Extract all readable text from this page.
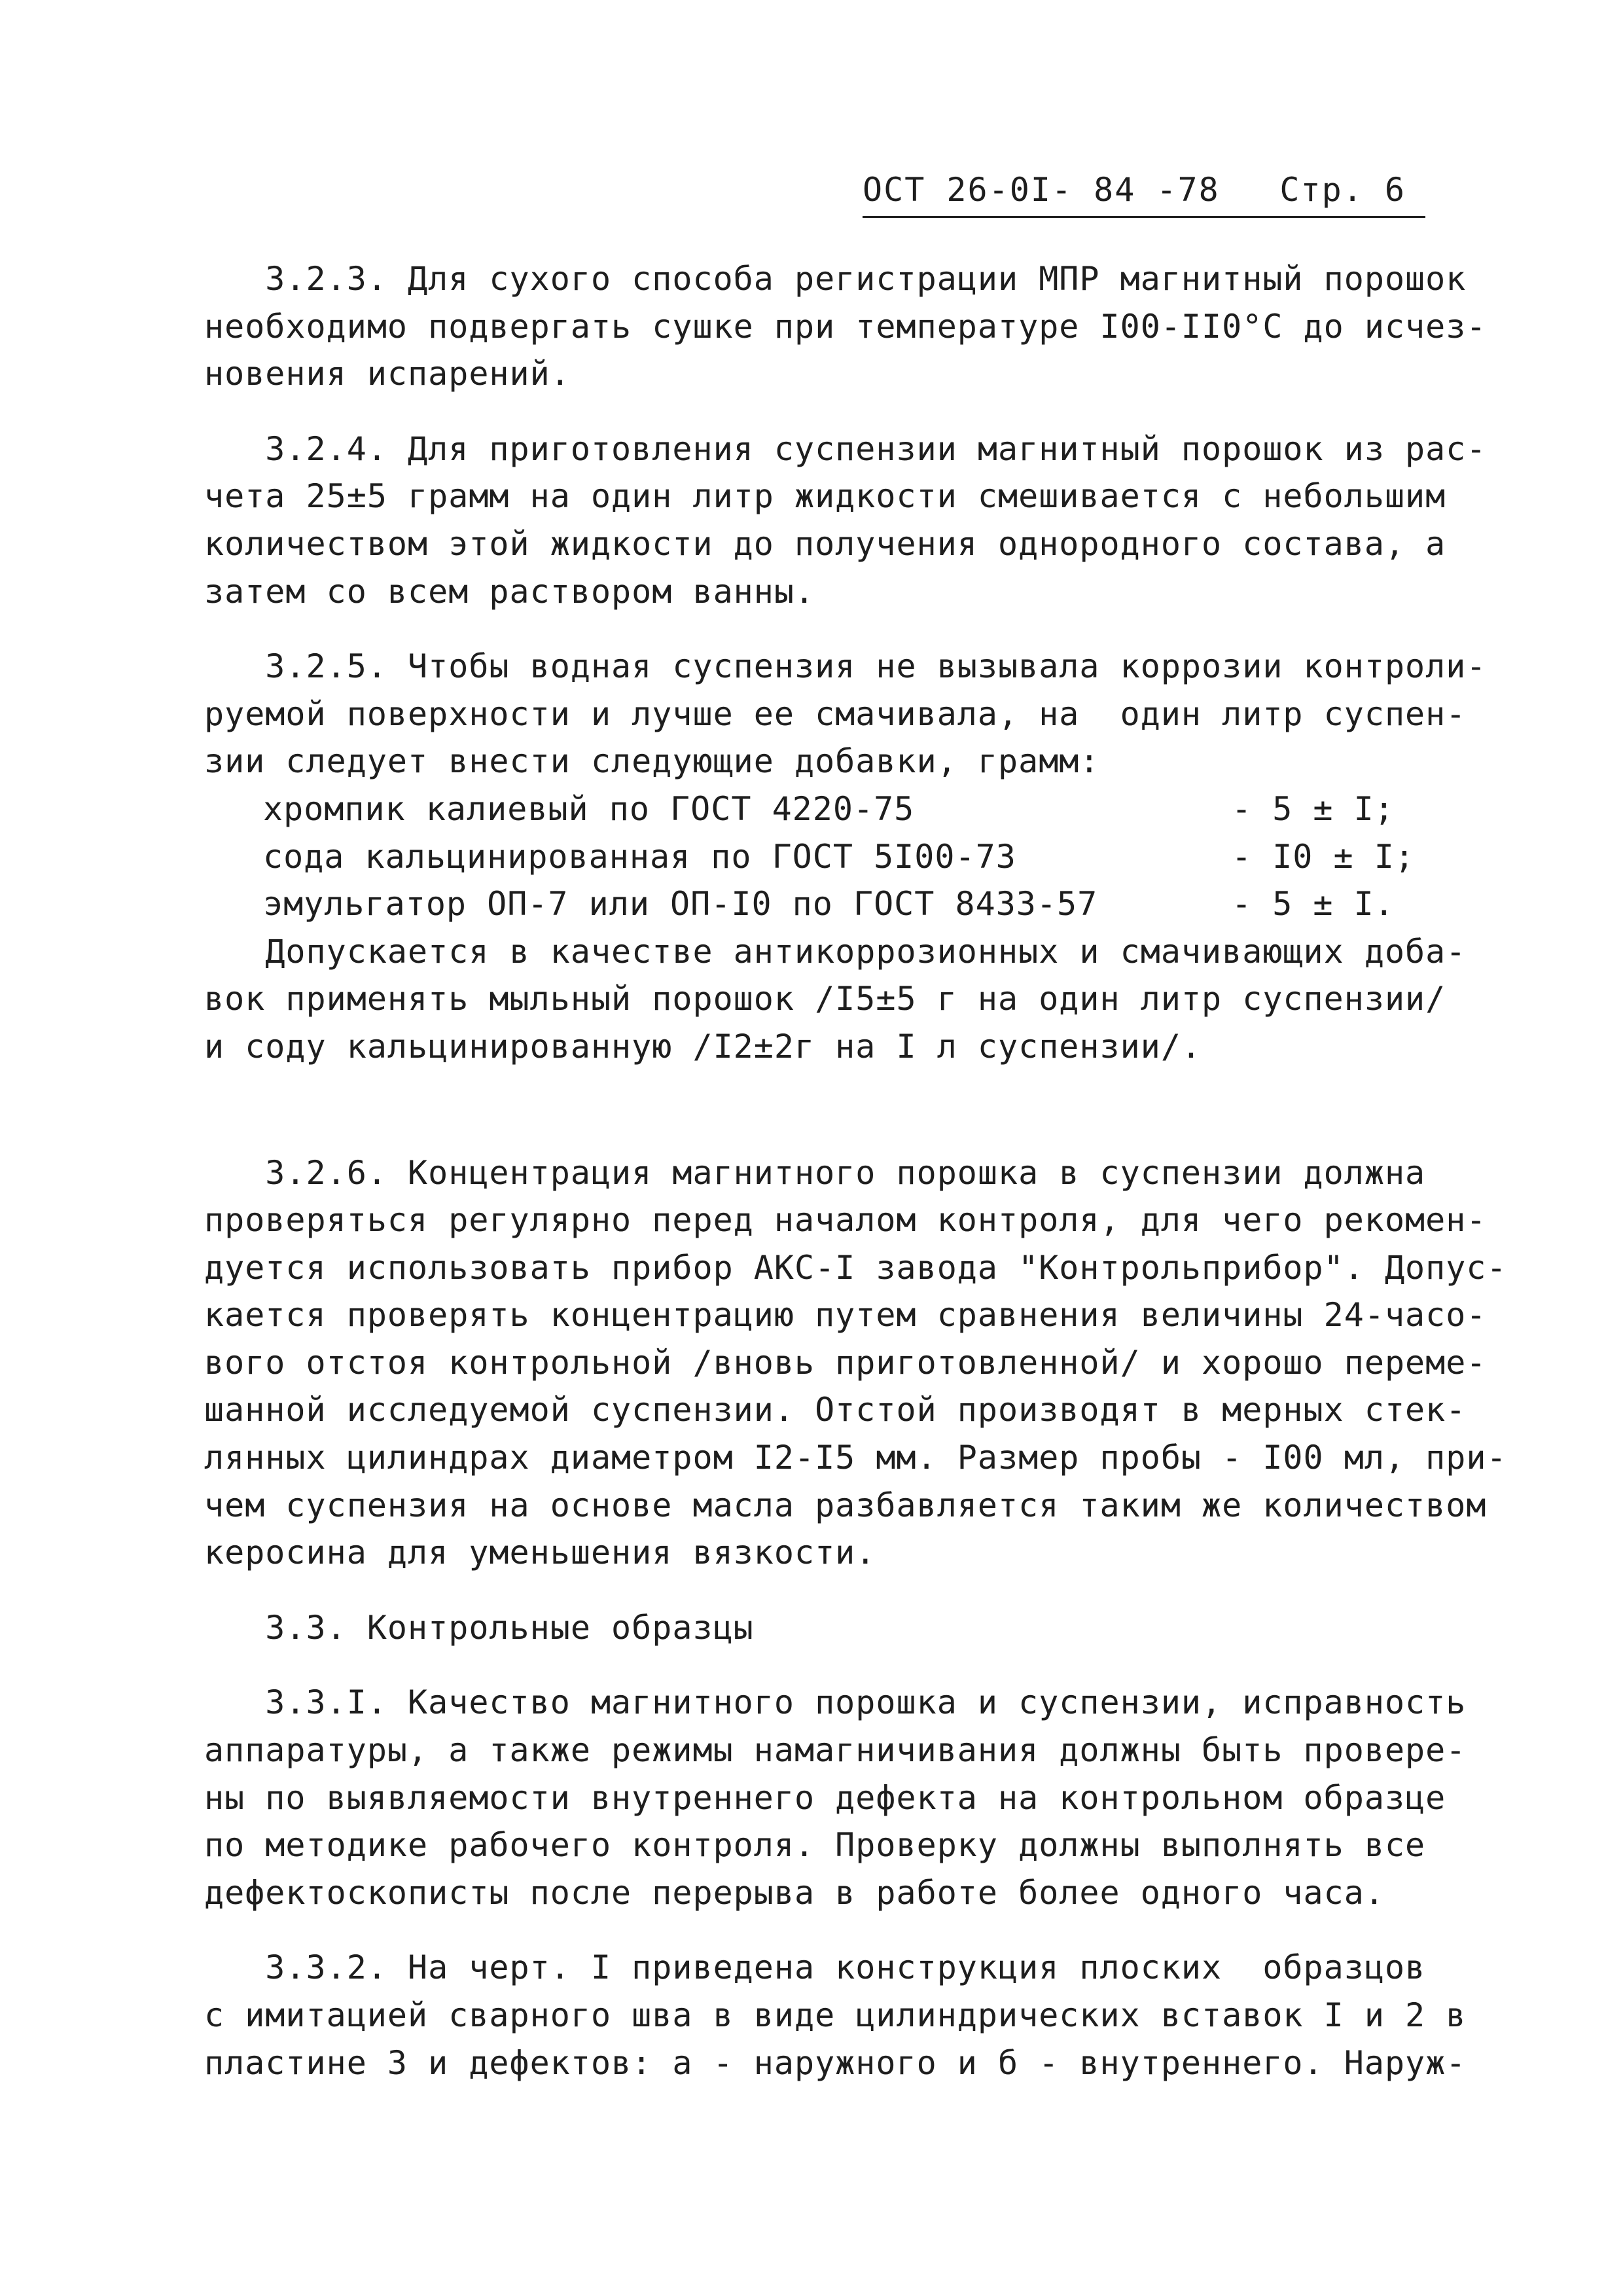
ОСТ 26-0I- 84 -78 Стр. 6
3.2.3. Для сухого способа регистрации МПР магнитный порошок
необходимо подвергать сушке при температуре I00-II0°С до исчез-
новения испарений.
3.2.4. Для приготовления суспензии магнитный порошок из рас-
чета 25±5 грамм на один литр жидкости смешивается с небольшим
количеством этой жидкости до получения однородного состава, а
затем со всем раствором ванны.
3.2.5. Чтобы водная суспензия не вызывала коррозии контроли-
руемой поверхности и лучше ее смачивала, на  один литр суспен-
зии следует внести следующие добавки, грамм:

хромпик калиевый по ГОСТ 4220-75

	- 5 ± I;

сода кальцинированная по ГОСТ 5I00-73

	- I0 ± I;

эмульгатор ОП-7 или ОП-I0 по ГОСТ 8433-57

	- 5 ± I.

Допускается в качестве антикоррозионных и смачивающих доба-
вок применять мыльный порошок /I5±5 г на один литр суспензии/
и соду кальцинированную /I2±2г на I л суспензии/.
3.2.6. Концентрация магнитного порошка в суспензии должна
проверяться регулярно перед началом контроля, для чего рекомен-
дуется использовать прибор АКС-I завода "Контрольприбор". Допус-
кается проверять концентрацию путем сравнения величины 24-часо-
вого отстоя контрольной /вновь приготовленной/ и хорошо переме-
шанной исследуемой суспензии. Отстой производят в мерных стек-
лянных цилиндрах диаметром I2-I5 мм. Размер пробы - I00 мл, при-
чем суспензия на основе масла разбавляется таким же количеством
керосина для уменьшения вязкости.
3.3. Контрольные образцы
3.3.I. Качество магнитного порошка и суспензии, исправность
аппаратуры, а также режимы намагничивания должны быть провере-
ны по выявляемости внутреннего дефекта на контрольном образце
по методике рабочего контроля. Проверку должны выполнять все
дефектоскописты после перерыва в работе более одного часа.
3.3.2. На черт. I приведена конструкция плоских  образцов
с имитацией сварного шва в виде цилиндрических вставок I и 2 в
пластине 3 и дефектов: а - наружного и б - внутреннего. Наруж-
